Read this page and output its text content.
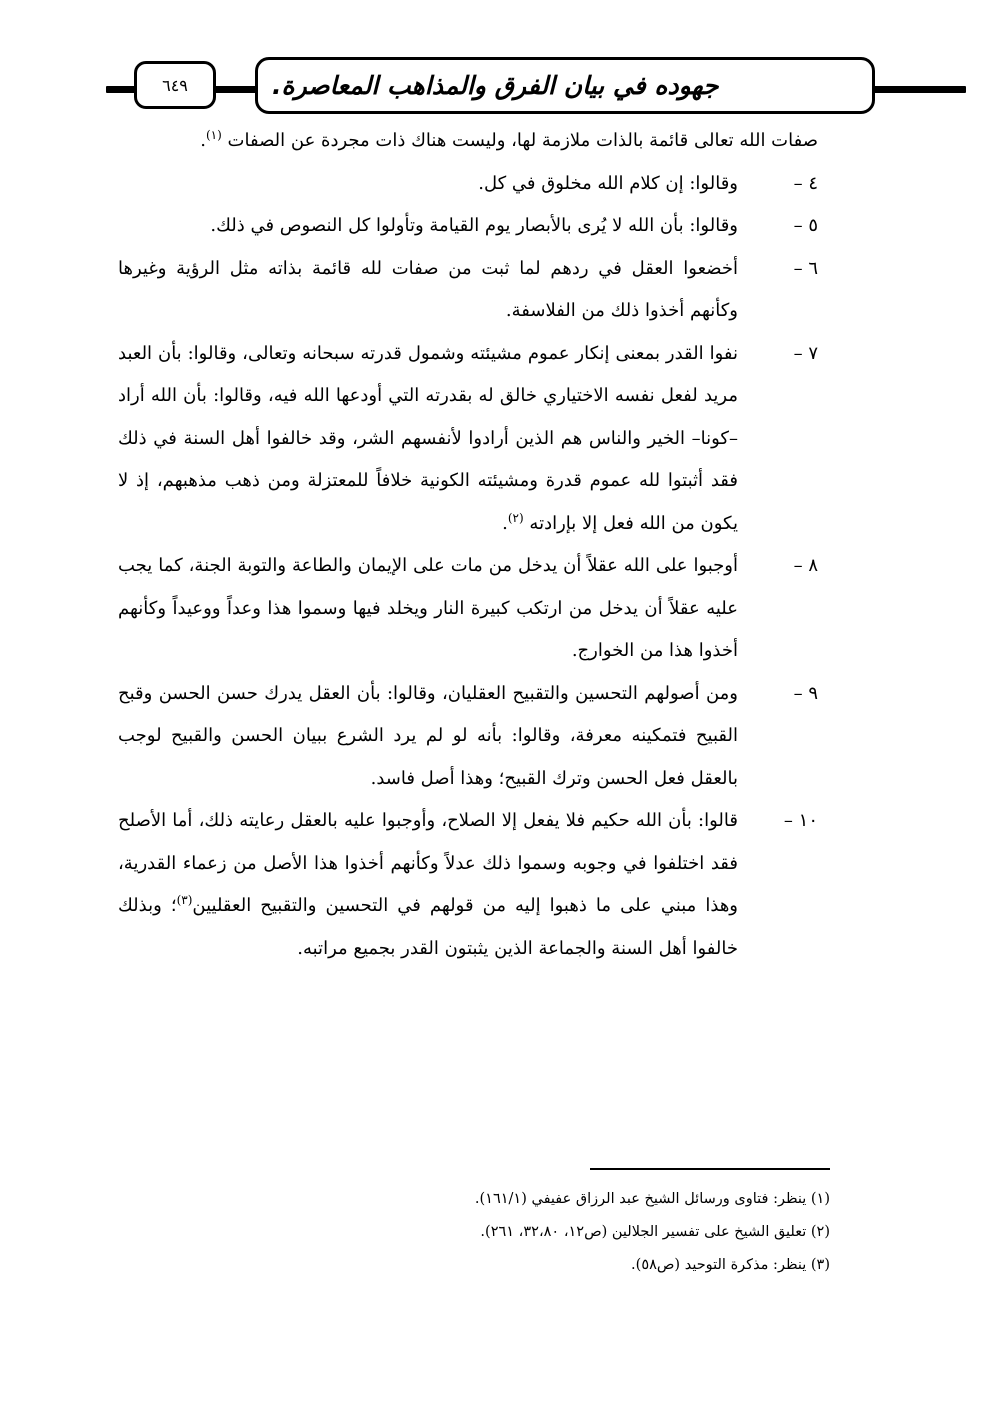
٦٤٩	جهوده في بيان الفرق والمذاهب المعاصرة.
صفات الله تعالى قائمة بالذات ملازمة لها، وليست هناك ذات مجردة عن الصفات $^{(١)}$.
٤ –
وقالوا: إن كلام الله مخلوق في كل.
٥ –
وقالوا: بأن الله لا يُرى بالأبصار يوم القيامة وتأولوا كل النصوص في ذلك.
٦ –
أخضعوا العقل في ردهم لما ثبت من صفات لله قائمة بذاته مثل الرؤية وغيرها وكأنهم أخذوا ذلك من الفلاسفة.
٧ –
نفوا القدر بمعنى إنكار عموم مشيئته وشمول قدرته سبحانه وتعالى، وقالوا: بأن العبد مريد لفعل نفسه الاختياري خالق له بقدرته التي أودعها الله فيه، وقالوا: بأن الله أراد –كونا– الخير والناس هم الذين أرادوا لأنفسهم الشر، وقد خالفوا أهل السنة في ذلك فقد أثبتوا لله عموم قدرة ومشيئته الكونية خلافاً للمعتزلة ومن ذهب مذهبهم، إذ لا يكون من الله فعل إلا بإرادته $^{(٢)}$.
٨ –
أوجبوا على الله عقلاً أن يدخل من مات على الإيمان والطاعة والتوبة الجنة، كما يجب عليه عقلاً أن يدخل من ارتكب كبيرة النار ويخلد فيها وسموا هذا وعداً ووعيداً وكأنهم أخذوا هذا من الخوارج.
٩ –
ومن أصولهم التحسين والتقبيح العقليان، وقالوا: بأن العقل يدرك حسن الحسن وقبح القبيح فتمكينه معرفة، وقالوا: بأنه لو لم يرد الشرع ببيان الحسن والقبيح لوجب بالعقل فعل الحسن وترك القبيح؛ وهذا أصل فاسد.
١٠ –
قالوا: بأن الله حكيم فلا يفعل إلا الصلاح، وأوجبوا عليه بالعقل رعايته ذلك، أما الأصلح فقد اختلفوا في وجوبه وسموا ذلك عدلاً وكأنهم أخذوا هذا الأصل من زعماء القدرية، وهذا مبني على ما ذهبوا إليه من قولهم في التحسين والتقبيح العقليين$^{(٣)}$؛ وبذلك خالفوا أهل السنة والجماعة الذين يثبتون القدر بجميع مراتبه.
(١) ينظر: فتاوى ورسائل الشيخ عبد الرزاق عفيفي (١٦١/١).
(٢) تعليق الشيخ على تفسير الجلالين (ص١٢، ٣٢،٨٠، ٢٦١).
(٣) ينظر: مذكرة التوحيد (ص٥٨).
